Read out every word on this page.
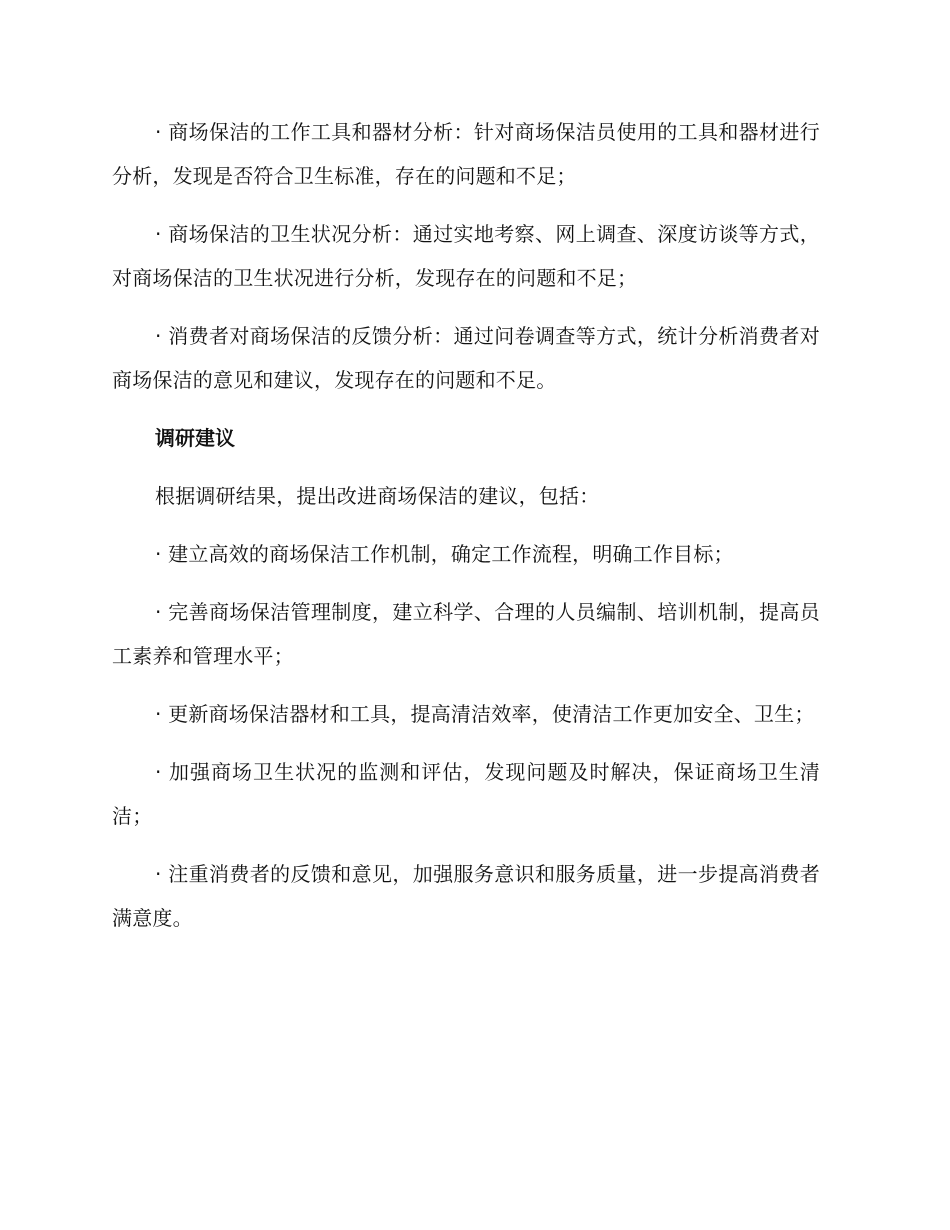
· 商场保洁的工作工具和器材分析：针对商场保洁员使用的工具和器材进行分析，发现是否符合卫生标准，存在的问题和不足；

· 商场保洁的卫生状况分析：通过实地考察、网上调查、深度访谈等方式，对商场保洁的卫生状况进行分析，发现存在的问题和不足；

· 消费者对商场保洁的反馈分析：通过问卷调查等方式，统计分析消费者对商场保洁的意见和建议，发现存在的问题和不足。

调研建议

根据调研结果，提出改进商场保洁的建议，包括：

· 建立高效的商场保洁工作机制，确定工作流程，明确工作目标；

· 完善商场保洁管理制度，建立科学、合理的人员编制、培训机制，提高员工素养和管理水平；

· 更新商场保洁器材和工具，提高清洁效率，使清洁工作更加安全、卫生；

· 加强商场卫生状况的监测和评估，发现问题及时解决，保证商场卫生清洁；

· 注重消费者的反馈和意见，加强服务意识和服务质量，进一步提高消费者满意度。
